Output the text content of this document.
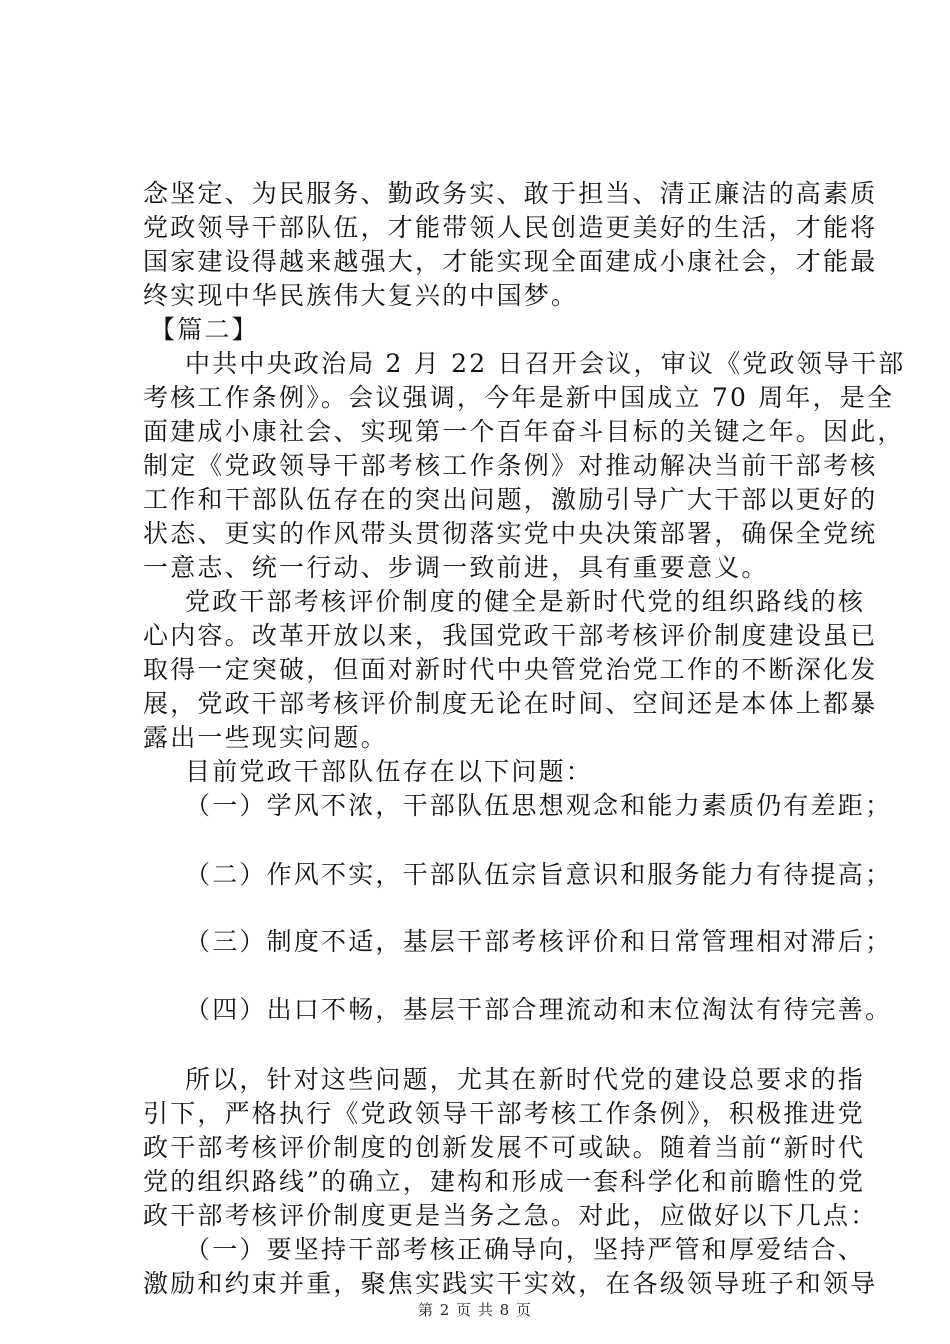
念坚定、为民服务、勤政务实、敢于担当、清正廉洁的高素质
党政领导干部队伍，才能带领人民创造更美好的生活，才能将
国家建设得越来越强大，才能实现全面建成小康社会，才能最
终实现中华民族伟大复兴的中国梦。
【篇二】
中共中央政治局 2 月 22 日召开会议，审议《党政领导干部
考核工作条例》。会议强调，今年是新中国成立 70 周年，是全
面建成小康社会、实现第一个百年奋斗目标的关键之年。因此，
制定《党政领导干部考核工作条例》对推动解决当前干部考核
工作和干部队伍存在的突出问题，激励引导广大干部以更好的
状态、更实的作风带头贯彻落实党中央决策部署，确保全党统
一意志、统一行动、步调一致前进，具有重要意义。
党政干部考核评价制度的健全是新时代党的组织路线的核
心内容。改革开放以来，我国党政干部考核评价制度建设虽已
取得一定突破，但面对新时代中央管党治党工作的不断深化发
展，党政干部考核评价制度无论在时间、空间还是本体上都暴
露出一些现实问题。
目前党政干部队伍存在以下问题：
（一）学风不浓，干部队伍思想观念和能力素质仍有差距；
（二）作风不实，干部队伍宗旨意识和服务能力有待提高；
（三）制度不适，基层干部考核评价和日常管理相对滞后；
（四）出口不畅，基层干部合理流动和末位淘汰有待完善。
所以，针对这些问题，尤其在新时代党的建设总要求的指
引下，严格执行《党政领导干部考核工作条例》，积极推进党
政干部考核评价制度的创新发展不可或缺。随着当前“新时代
党的组织路线”的确立，建构和形成一套科学化和前瞻性的党
政干部考核评价制度更是当务之急。对此，应做好以下几点：
（一）要坚持干部考核正确导向，坚持严管和厚爱结合、
激励和约束并重，聚焦实践实干实效，在各级领导班子和领导
第 2 页 共 8 页
